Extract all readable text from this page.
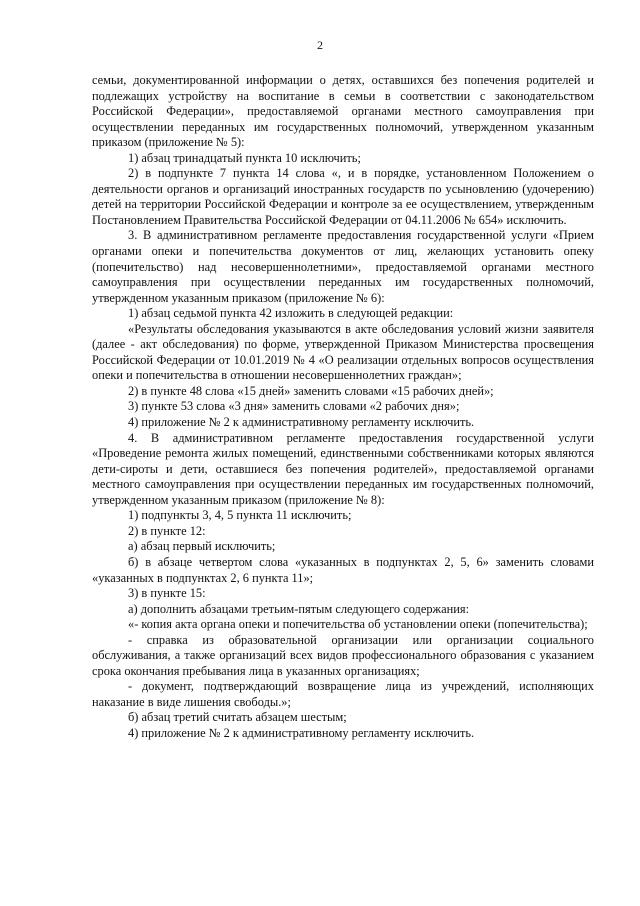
2

семьи, документированной информации о детях, оставшихся без попечения родителей и подлежащих устройству на воспитание в семьи в соответствии с законодательством Российской Федерации», предоставляемой органами местного самоуправления при осуществлении переданных им государственных полномочий, утвержденном указанным приказом (приложение № 5):

1) абзац тринадцатый пункта 10 исключить;

2) в подпункте 7 пункта 14 слова «, и в порядке, установленном Положением о деятельности органов и организаций иностранных государств по усыновлению (удочерению) детей на территории Российской Федерации и контроле за ее осуществлением, утвержденным Постановлением Правительства Российской Федерации от 04.11.2006 № 654» исключить.

3. В административном регламенте предоставления государственной услуги «Прием органами опеки и попечительства документов от лиц, желающих установить опеку (попечительство) над несовершеннолетними», предоставляемой органами местного самоуправления при осуществлении переданных им государственных полномочий, утвержденном указанным приказом (приложение № 6):

1) абзац седьмой пункта 42 изложить в следующей редакции:

«Результаты обследования указываются в акте обследования условий жизни заявителя (далее - акт обследования) по форме, утвержденной Приказом Министерства просвещения Российской Федерации от 10.01.2019 № 4 «О реализации отдельных вопросов осуществления опеки и попечительства в отношении несовершеннолетних граждан»;

2) в пункте 48 слова «15 дней» заменить словами «15 рабочих дней»;

3) пункте 53 слова «3 дня» заменить словами «2 рабочих дня»;

4) приложение № 2 к административному регламенту исключить.

4. В административном регламенте предоставления государственной услуги «Проведение ремонта жилых помещений, единственными собственниками которых являются дети-сироты и дети, оставшиеся без попечения родителей», предоставляемой органами местного самоуправления при осуществлении переданных им государственных полномочий, утвержденном указанным приказом (приложение № 8):

1) подпункты 3, 4, 5 пункта 11 исключить;

2) в пункте 12:

а) абзац первый исключить;

б) в абзаце четвертом слова «указанных в подпунктах 2, 5, 6» заменить словами «указанных в подпунктах 2, 6 пункта 11»;

3) в пункте 15:

а) дополнить абзацами третьим-пятым следующего содержания:

«- копия акта органа опеки и попечительства об установлении опеки (попечительства);

- справка из образовательной организации или организации социального обслуживания, а также организаций всех видов профессионального образования с указанием срока окончания пребывания лица в указанных организациях;

- документ, подтверждающий возвращение лица из учреждений, исполняющих наказание в виде лишения свободы.»;

б) абзац третий считать абзацем шестым;

4) приложение № 2 к административному регламенту исключить.
